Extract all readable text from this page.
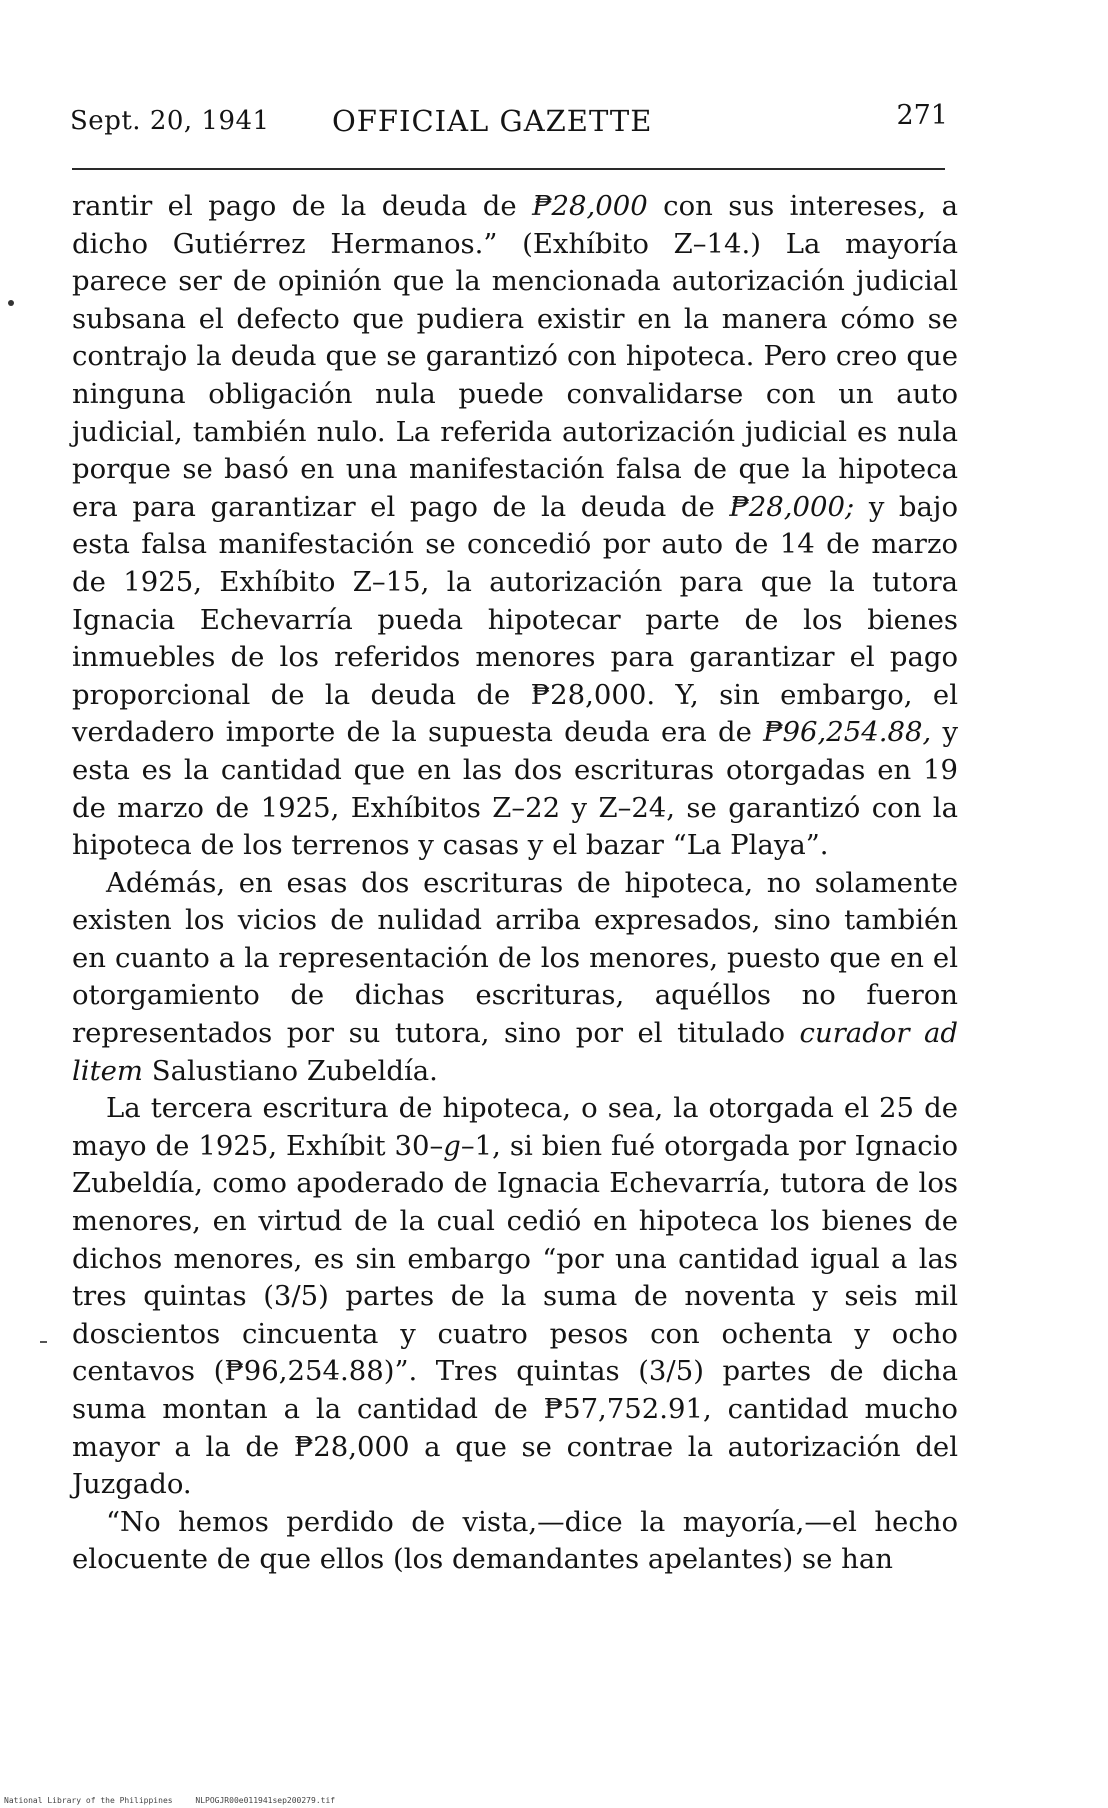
Sept. 20, 1941 OFFICIAL GAZETTE	271

rantir el pago de la deuda de ₱28,000 con sus intereses, a dicho Gutiérrez Hermanos.” (Exhíbito Z–14.) La mayoría parece ser de opinión que la mencionada autorización judicial subsana el defecto que pudiera existir en la manera cómo se contrajo la deuda que se garantizó con hipoteca. Pero creo que ninguna obligación nula puede convalidarse con un auto judicial, también nulo. La referida autorización judicial es nula porque se basó en una manifestación falsa de que la hipoteca era para garantizar el pago de la deuda de ₱28,000; y bajo esta falsa manifestación se concedió por auto de 14 de marzo de 1925, Exhíbito Z–15, la autorización para que la tutora Ignacia Echevarría pueda hipotecar parte de los bienes inmuebles de los referidos menores para garantizar el pago proporcional de la deuda de ₱28,000. Y, sin embargo, el verdadero importe de la supuesta deuda era de ₱96,254.88, y esta es la cantidad que en las dos escrituras otorgadas en 19 de marzo de 1925, Exhíbitos Z–22 y Z–24, se garantizó con la hipoteca de los terrenos y casas y el bazar “La Playa”.

Adémás, en esas dos escrituras de hipoteca, no solamente existen los vicios de nulidad arriba expresados, sino también en cuanto a la representación de los menores, puesto que en el otorgamiento de dichas escrituras, aquéllos no fueron representados por su tutora, sino por el titulado curador ad litem Salustiano Zubeldía.

La tercera escritura de hipoteca, o sea, la otorgada el 25 de mayo de 1925, Exhíbit 30–g–1, si bien fué otorgada por Ignacio Zubeldía, como apoderado de Ignacia Echevarría, tutora de los menores, en virtud de la cual cedió en hipoteca los bienes de dichos menores, es sin embargo “por una cantidad igual a las tres quintas (3/5) partes de la suma de noventa y seis mil doscientos cincuenta y cuatro pesos con ochenta y ocho centavos (₱96,254.88)”. Tres quintas (3/5) partes de dicha suma montan a la cantidad de ₱57,752.91, cantidad mucho mayor a la de ₱28,000 a que se contrae la autorización del Juzgado.

“No hemos perdido de vista,—dice la mayoría,—el hecho elocuente de que ellos (los demandantes apelantes) se han

National Library of the Philippines	NLPOGJR00e011941sep200279.tif
